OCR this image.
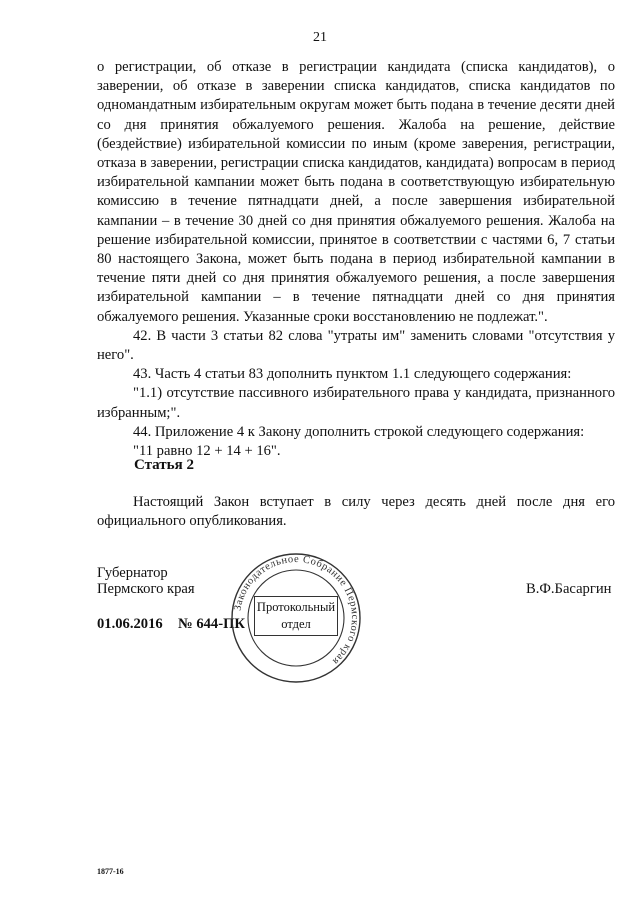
21

о регистрации, об отказе в регистрации кандидата (списка кандидатов), о заверении, об отказе в заверении списка кандидатов, списка кандидатов по одномандатным избирательным округам может быть подана в течение десяти дней со дня принятия обжалуемого решения. Жалоба на решение, действие (бездействие) избирательной комиссии по иным (кроме заверения, регистрации, отказа в заверении, регистрации списка кандидатов, кандидата) вопросам в период избирательной кампании может быть подана в соответствующую избирательную комиссию в течение пятнадцати дней, а после завершения избирательной кампании – в течение 30 дней со дня принятия обжалуемого решения. Жалоба на решение избирательной комиссии, принятое в соответствии с частями 6, 7 статьи 80 настоящего Закона, может быть подана в период избирательной кампании в течение пяти дней со дня принятия обжалуемого решения, а после завершения избирательной кампании – в течение пятнадцати дней со дня принятия обжалуемого решения. Указанные сроки восстановлению не подлежат.".

42. В части 3 статьи 82 слова "утраты им" заменить словами "отсутствия у него".

43. Часть 4 статьи 83 дополнить пунктом 1.1 следующего содержания:

"1.1) отсутствие пассивного избирательного права у кандидата, признанного избранным;".

44. Приложение 4 к Закону дополнить строкой следующего содержания:

"11 равно 12 + 14 + 16".

Статья 2

Настоящий Закон вступает в силу через десять дней после дня его официального опубликования.

Губернатор
Пермского края	В.Ф.Басаргин
01.06.2016 № 644-ПК
Законодательное Собрание Пермского края
Протокольный
отдел
1877-16
